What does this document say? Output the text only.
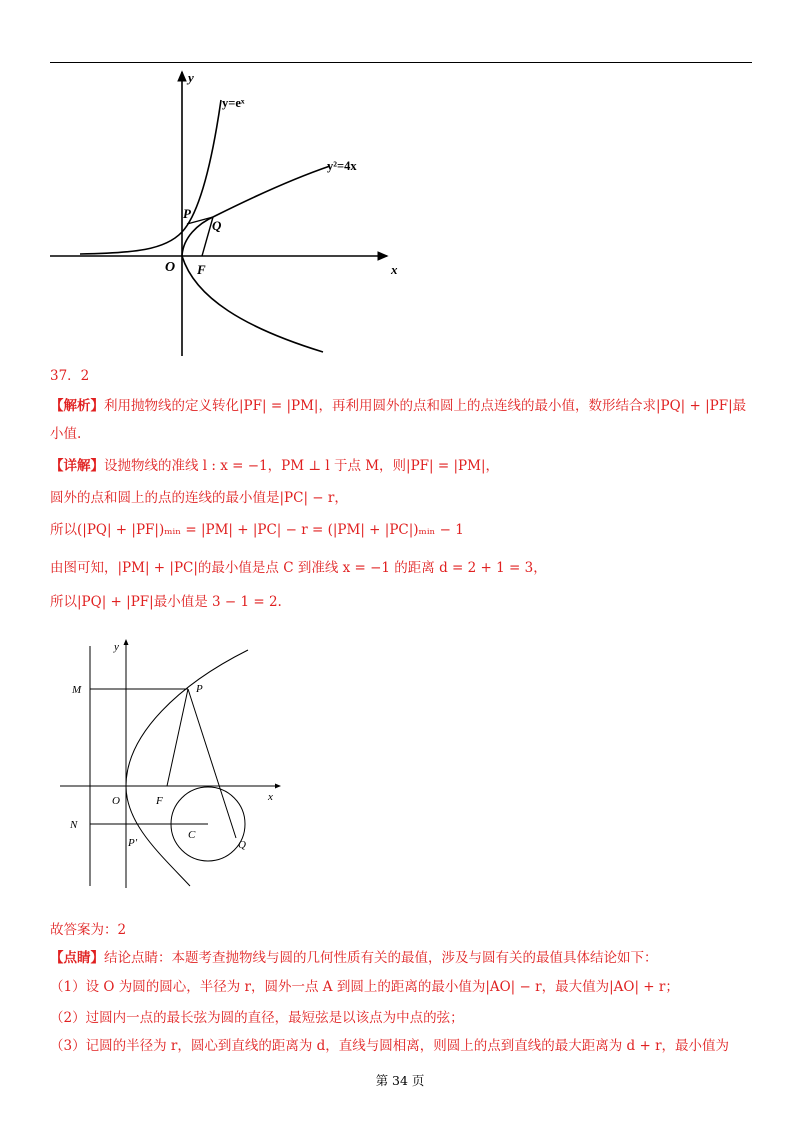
y
x
O
y=eˣ
y²=4x
P
Q
F
37．2
【解析】利用抛物线的定义转化|PF| = |PM|，再利用圆外的点和圆上的点连线的最小值，数形结合求|PQ| + |PF|最
小值.
【详解】设抛物线的准线 l : x = −1，PM ⊥ l 于点 M，则|PF| = |PM|，
圆外的点和圆上的点的连线的最小值是|PC| − r，
所以(|PQ| + |PF|)ₘᵢₙ = |PM| + |PC| − r = (|PM| + |PC|)ₘᵢₙ − 1
由图可知，|PM| + |PC|的最小值是点 C 到准线 x = −1 的距离 d = 2 + 1 = 3，
所以|PQ| + |PF|最小值是 3 − 1 = 2.
y
x
O
M	P
F
N
C
P'	Q
故答案为：2
【点睛】结论点睛：本题考查抛物线与圆的几何性质有关的最值，涉及与圆有关的最值具体结论如下：
（1）设 O 为圆的圆心，半径为 r，圆外一点 A 到圆上的距离的最小值为|AO| − r，最大值为|AO| + r；
（2）过圆内一点的最长弦为圆的直径，最短弦是以该点为中点的弦；
（3）记圆的半径为 r，圆心到直线的距离为 d，直线与圆相离，则圆上的点到直线的最大距离为 d + r，最小值为
第 34 页
